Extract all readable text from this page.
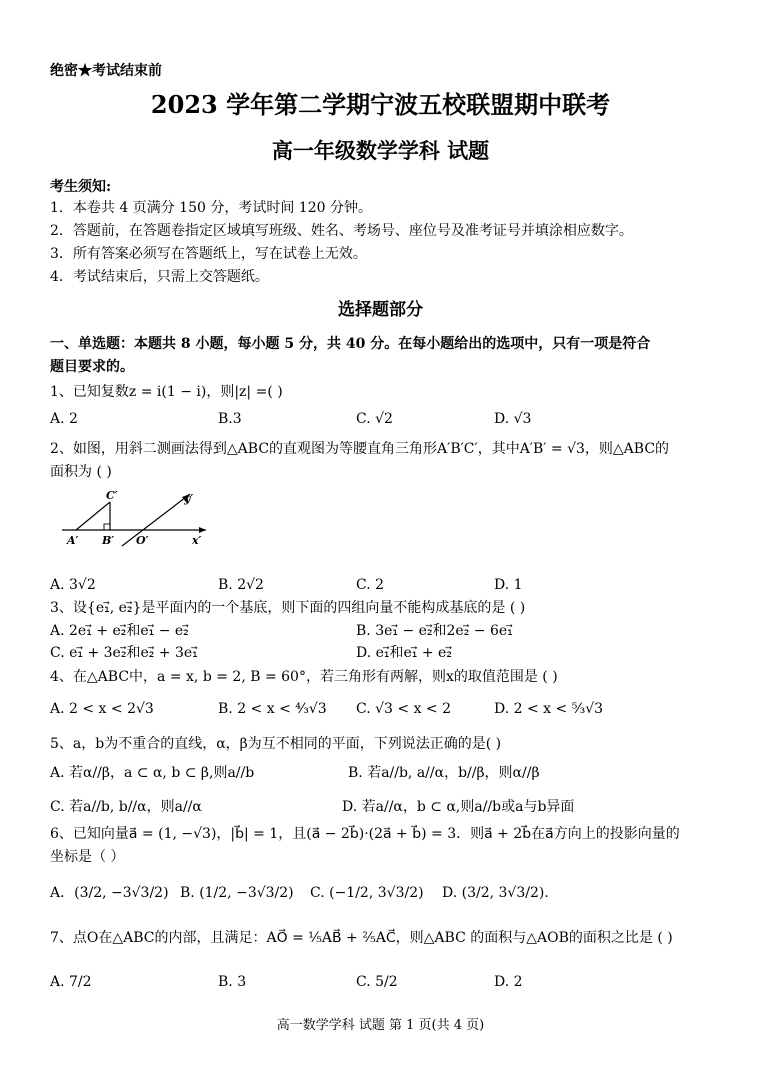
绝密★考试结束前
2023 学年第二学期宁波五校联盟期中联考
高一年级数学学科 试题
考生须知:
1．本卷共 4 页满分 150 分，考试时间 120 分钟。
2．答题前，在答题卷指定区域填写班级、姓名、考场号、座位号及准考证号并填涂相应数字。
3．所有答案必须写在答题纸上，写在试卷上无效。
4．考试结束后，只需上交答题纸。
选择题部分
一、单选题：本题共 8 小题，每小题 5 分，共 40 分。在每小题给出的选项中，只有一项是符合
题目要求的。
1、已知复数z = i(1 − i)，则|z| =( )
A. 2	B.3	C. √2	D. √3
2、如图，用斜二测画法得到△ABC的直观图为等腰直角三角形A′B′C′，其中A′B′ = √3，则△ABC的
面积为 ( )
C′
A′ B′ O′	x′
y′
A. 3√2	B. 2√2	C. 2	D. 1
3、设{e₁⃗, e₂⃗}是平面内的一个基底，则下面的四组向量不能构成基底的是 ( )
A. 2e₁⃗ + e₂⃗和e₁⃗ − e₂⃗	B. 3e₁⃗ − e₂⃗和2e₂⃗ − 6e₁⃗
C. e₁⃗ + 3e₂⃗和e₂⃗ + 3e₁⃗	D. e₁⃗和e₁⃗ + e₂⃗
4、在△ABC中，a = x, b = 2, B = 60°，若三角形有两解，则x的取值范围是 ( )
A. 2 < x < 2√3	B. 2 < x < ⁴⁄₃√3 C. √3 < x < 2	D. 2 < x < ⁵⁄₃√3
5、a，b为不重合的直线，α，β为互不相同的平面，下列说法正确的是( )
A. 若α//β，a ⊂ α, b ⊂ β,则a//b	B. 若a//b, a//α，b//β，则α//β
C. 若a//b, b//α，则a//α	D. 若a//α，b ⊂ α,则a//b或a与b异面
6、已知向量a⃗ = (1, −√3)，|b⃗| = 1，且(a⃗ − 2b⃗)·(2a⃗ + b⃗) = 3．则a⃗ + 2b⃗在a⃗方向上的投影向量的
坐标是（ ）
A．(3/2, −3√3/2) B. (1/2, −3√3/2) C. (−1/2, 3√3/2) D. (3/2, 3√3/2).
7、点O在△ABC的内部，且满足：AO⃗ = ¹⁄₅AB⃗ + ²⁄₅AC⃗，则△ABC 的面积与△AOB的面积之比是 ( )
A. 7/2	B. 3	C. 5/2	D. 2
高一数学学科 试题 第 1 页(共 4 页)
